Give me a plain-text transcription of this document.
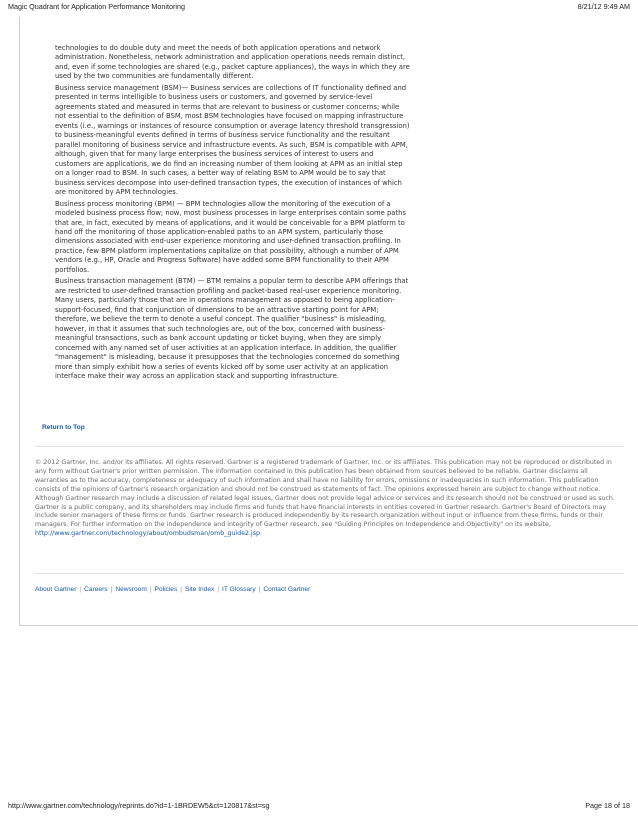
Magic Quadrant for Application Performance Monitoring	8/21/12 9:49 AM

technologies to do double duty and meet the needs of both application operations and network administration. Nonetheless, network administration and application operations needs remain distinct, and, even if some technologies are shared (e.g., packet capture appliances), the ways in which they are used by the two communities are fundamentally different.

Business service management (BSM)— Business services are collections of IT functionality defined and presented in terms intelligible to business users or customers, and governed by service-level agreements stated and measured in terms that are relevant to business or customer concerns; while not essential to the definition of BSM, most BSM technologies have focused on mapping infrastructure events (i.e., warnings or instances of resource consumption or average latency threshold transgression) to business-meaningful events defined in terms of business service functionality and the resultant parallel monitoring of business service and infrastructure events. As such, BSM is compatible with APM, although, given that for many large enterprises the business services of interest to users and customers are applications, we do find an increasing number of them looking at APM as an initial step on a longer road to BSM. In such cases, a better way of relating BSM to APM would be to say that business services decompose into user-defined transaction types, the execution of instances of which are monitored by APM technologies.

Business process monitoring (BPM) — BPM technologies allow the monitoring of the execution of a modeled business process flow; now, most business processes in large enterprises contain some paths that are, in fact, executed by means of applications, and it would be conceivable for a BPM platform to hand off the monitoring of those application-enabled paths to an APM system, particularly those dimensions associated with end-user experience monitoring and user-defined transaction profiling. In practice, few BPM platform implementations capitalize on that possibility, although a number of APM vendors (e.g., HP, Oracle and Progress Software) have added some BPM functionality to their APM portfolios.

Business transaction management (BTM) — BTM remains a popular term to describe APM offerings that are restricted to user-defined transaction profiling and packet-based real-user experience monitoring. Many users, particularly those that are in operations management as opposed to being application-support-focused, find that conjunction of dimensions to be an attractive starting point for APM; therefore, we believe the term to denote a useful concept. The qualifier "business" is misleading, however, in that it assumes that such technologies are, out of the box, concerned with business-meaningful transactions, such as bank account updating or ticket buying, when they are simply concerned with any named set of user activities at an application interface. In addition, the qualifier "management" is misleading, because it presupposes that the technologies concerned do something more than simply exhibit how a series of events kicked off by some user activity at an application interface make their way across an application stack and supporting infrastructure.

Return to Top
© 2012 Gartner, Inc. and/or its affiliates. All rights reserved. Gartner is a registered trademark of Gartner, Inc. or its affiliates. This publication may not be reproduced or distributed in any form without Gartner's prior written permission. The information contained in this publication has been obtained from sources believed to be reliable. Gartner disclaims all warranties as to the accuracy, completeness or adequacy of such information and shall have no liability for errors, omissions or inadequacies in such information. This publication consists of the opinions of Gartner's research organization and should not be construed as statements of fact. The opinions expressed herein are subject to change without notice. Although Gartner research may include a discussion of related legal issues, Gartner does not provide legal advice or services and its research should not be construed or used as such. Gartner is a public company, and its shareholders may include firms and funds that have financial interests in entities covered in Gartner research. Gartner's Board of Directors may include senior managers of these firms or funds. Gartner research is produced independently by its research organization without input or influence from these firms, funds or their managers. For further information on the independence and integrity of Gartner research, see "Guiding Principles on Independence and Objectivity" on its website, http://www.gartner.com/technology/about/ombudsman/omb_guide2.jsp.
About Gartner | Careers | Newsroom | Policies | Site Index | IT Glossary | Contact Gartner
http://www.gartner.com/technology/reprints.do?id=1-1BRDEW5&ct=120817&st=sg	Page 18 of 18
